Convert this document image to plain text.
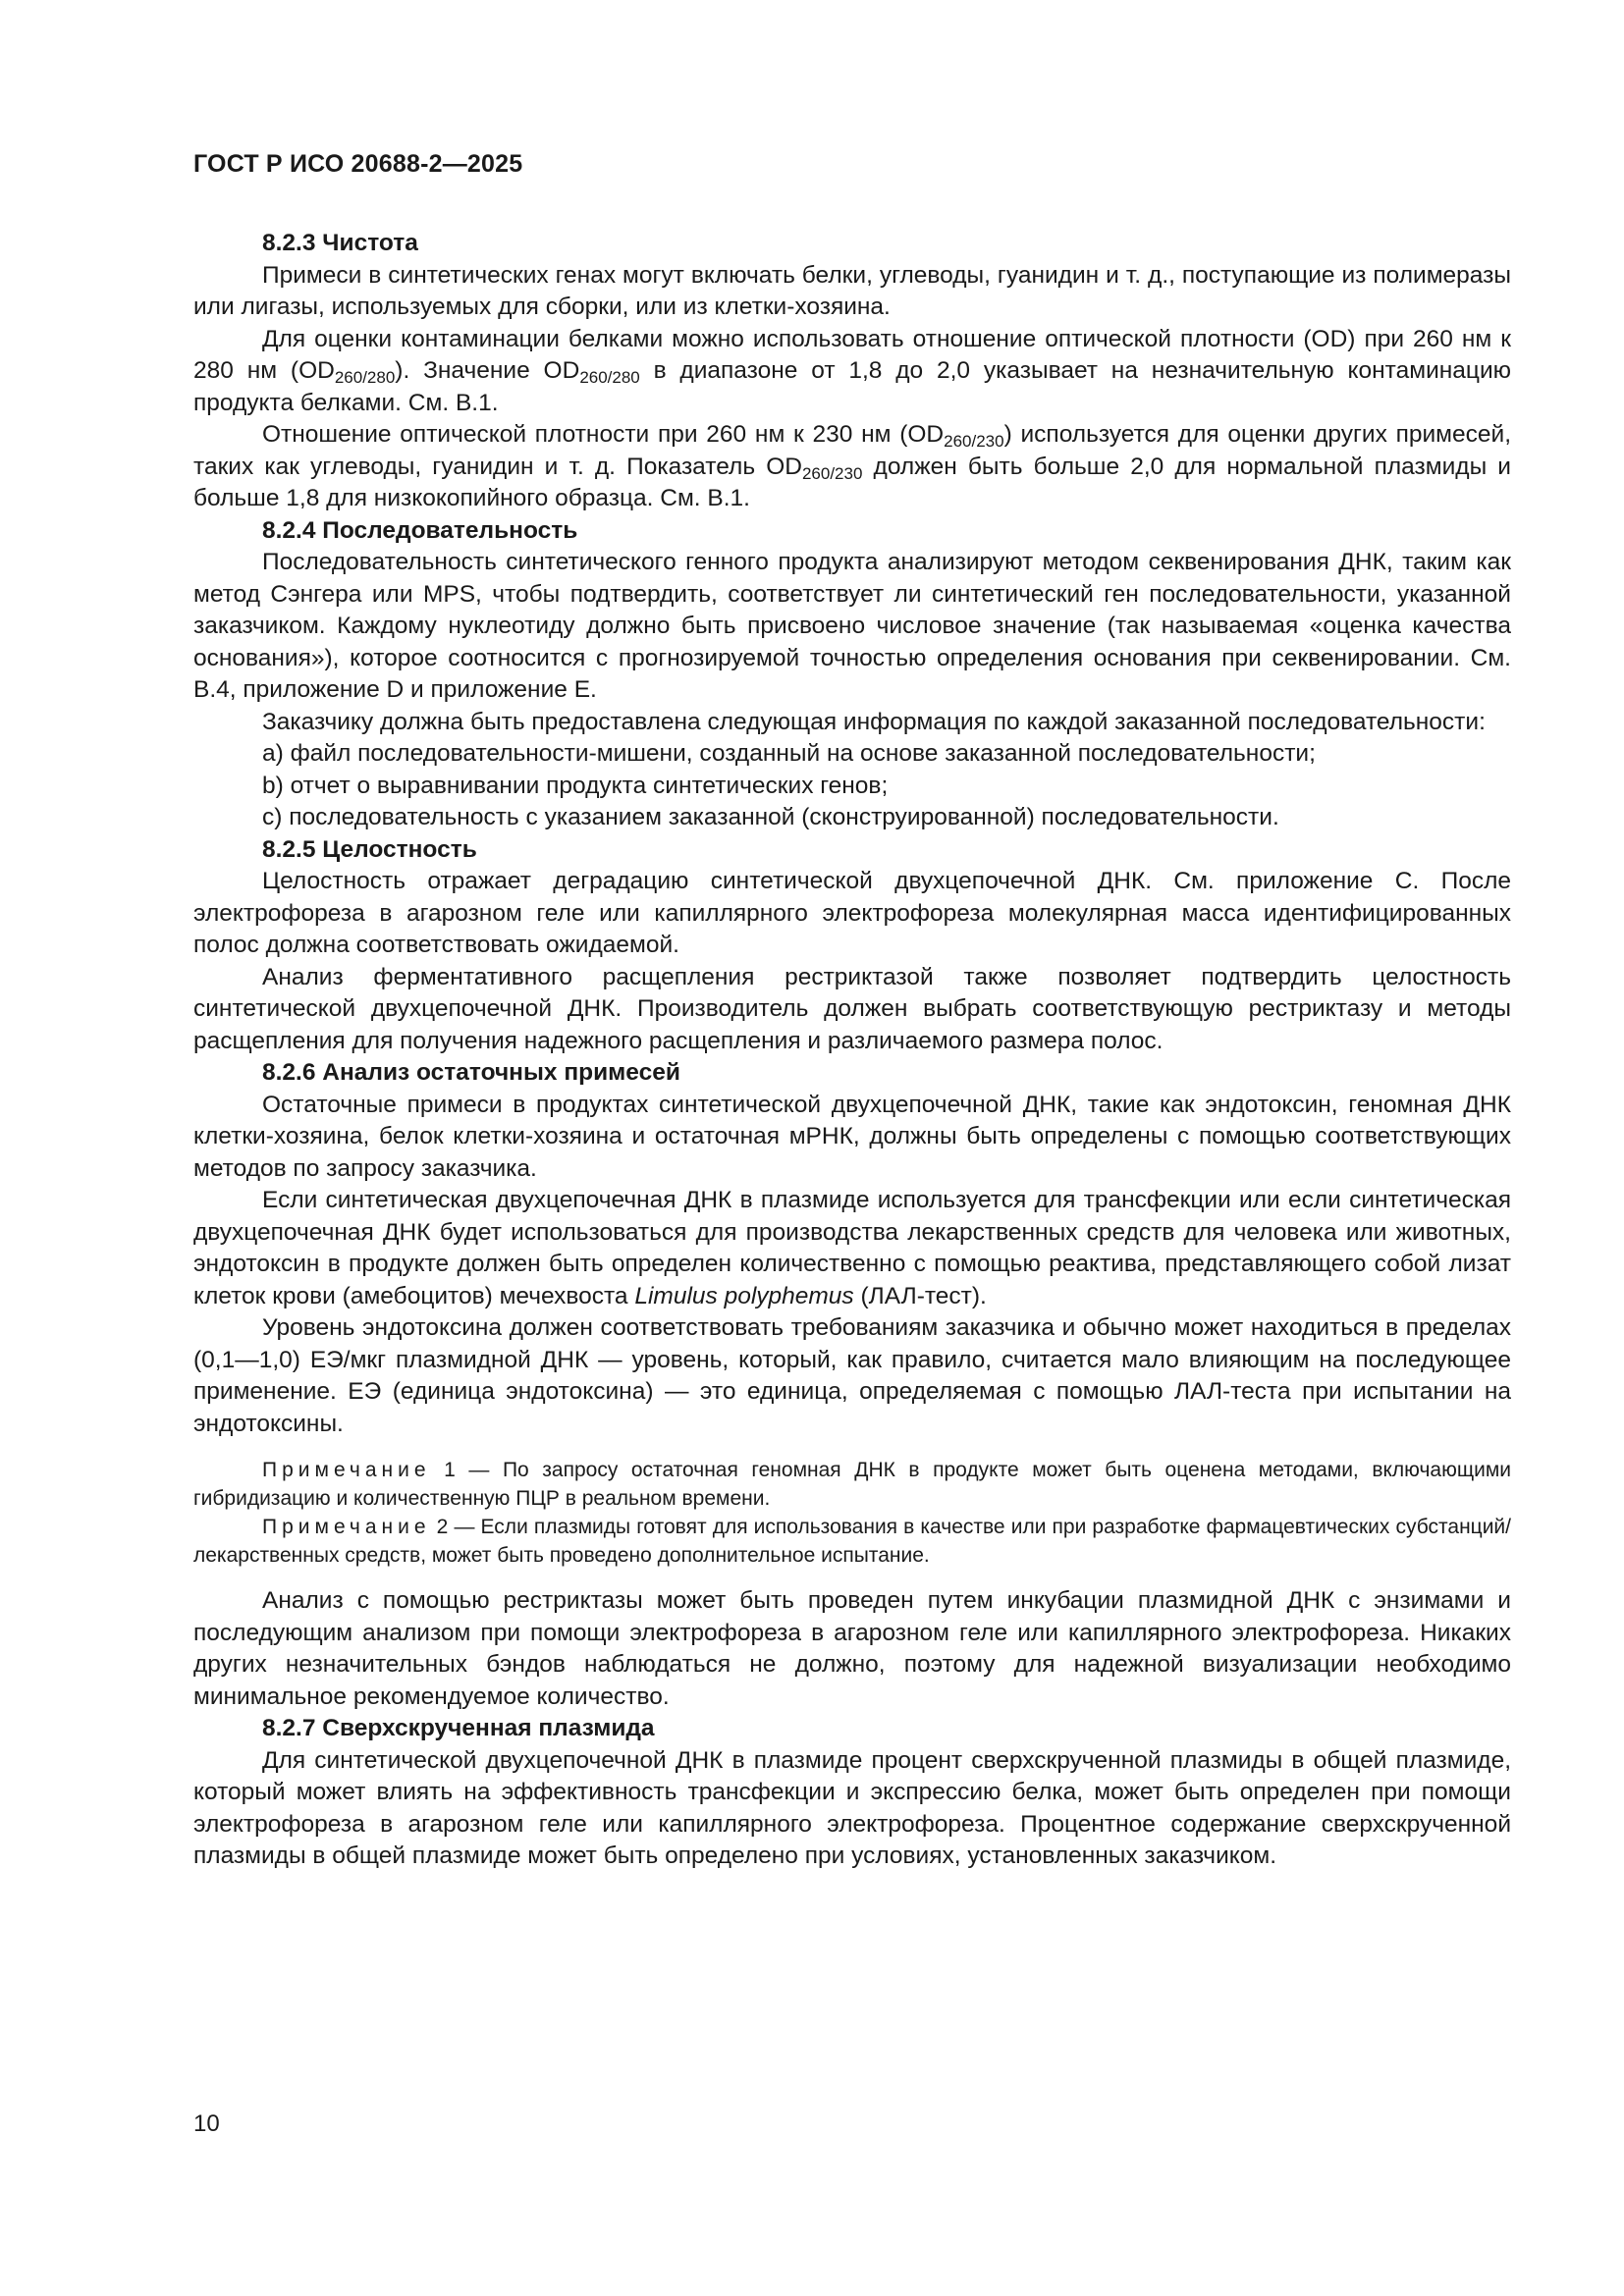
ГОСТ Р ИСО 20688-2—2025
8.2.3 Чистота

Примеси в синтетических генах могут включать белки, углеводы, гуанидин и т. д., поступающие из полимеразы или лигазы, используемых для сборки, или из клетки-хозяина.

Для оценки контаминации белками можно использовать отношение оптической плотности (OD) при 260 нм к 280 нм $(OD_{260/280})$. Значение $OD_{260/280}$ в диапазоне от 1,8 до 2,0 указывает на незначительную контаминацию продукта белками. См. B.1.

Отношение оптической плотности при 260 нм к 230 нм $(OD_{260/230})$ используется для оценки других примесей, таких как углеводы, гуанидин и т. д. Показатель $OD_{260/230}$ должен быть больше 2,0 для нормальной плазмиды и больше 1,8 для низкокопийного образца. См. B.1.

8.2.4 Последовательность

Последовательность синтетического генного продукта анализируют методом секвенирования ДНК, таким как метод Сэнгера или MPS, чтобы подтвердить, соответствует ли синтетический ген последовательности, указанной заказчиком. Каждому нуклеотиду должно быть присвоено числовое значение (так называемая «оценка качества основания»), которое соотносится с прогнозируемой точностью определения основания при секвенировании. См. B.4, приложение D и приложение E.

Заказчику должна быть предоставлена следующая информация по каждой заказанной последовательности:

a) файл последовательности-мишени, созданный на основе заказанной последовательности;
b) отчет о выравнивании продукта синтетических генов;
c) последовательность с указанием заказанной (сконструированной) последовательности.
8.2.5 Целостность

Целостность отражает деградацию синтетической двухцепочечной ДНК. См. приложение C. После электрофореза в агарозном геле или капиллярного электрофореза молекулярная масса идентифицированных полос должна соответствовать ожидаемой.

Анализ ферментативного расщепления рестриктазой также позволяет подтвердить целостность синтетической двухцепочечной ДНК. Производитель должен выбрать соответствующую рестриктазу и методы расщепления для получения надежного расщепления и различаемого размера полос.

8.2.6 Анализ остаточных примесей

Остаточные примеси в продуктах синтетической двухцепочечной ДНК, такие как эндотоксин, геномная ДНК клетки-хозяина, белок клетки-хозяина и остаточная мРНК, должны быть определены с помощью соответствующих методов по запросу заказчика.

Если синтетическая двухцепочечная ДНК в плазмиде используется для трансфекции или если синтетическая двухцепочечная ДНК будет использоваться для производства лекарственных средств для человека или животных, эндотоксин в продукте должен быть определен количественно с помощью реактива, представляющего собой лизат клеток крови (амебоцитов) мечехвоста Limulus polyphemus (ЛАЛ-тест).

Уровень эндотоксина должен соответствовать требованиям заказчика и обычно может находиться в пределах (0,1—1,0) ЕЭ/мкг плазмидной ДНК — уровень, который, как правило, считается мало влияющим на последующее применение. ЕЭ (единица эндотоксина) — это единица, определяемая с помощью ЛАЛ-теста при испытании на эндотоксины.

Примечание 1 — По запросу остаточная геномная ДНК в продукте может быть оценена методами, включающими гибридизацию и количественную ПЦР в реальном времени.

Примечание 2 — Если плазмиды готовят для использования в качестве или при разработке фармацевтических субстанций/лекарственных средств, может быть проведено дополнительное испытание.

Анализ с помощью рестриктазы может быть проведен путем инкубации плазмидной ДНК с энзимами и последующим анализом при помощи электрофореза в агарозном геле или капиллярного электрофореза. Никаких других незначительных бэндов наблюдаться не должно, поэтому для надежной визуализации необходимо минимальное рекомендуемое количество.

8.2.7 Сверхскрученная плазмида

Для синтетической двухцепочечной ДНК в плазмиде процент сверхскрученной плазмиды в общей плазмиде, который может влиять на эффективность трансфекции и экспрессию белка, может быть определен при помощи электрофореза в агарозном геле или капиллярного электрофореза. Процентное содержание сверхскрученной плазмиды в общей плазмиде может быть определено при условиях, установленных заказчиком.

10
